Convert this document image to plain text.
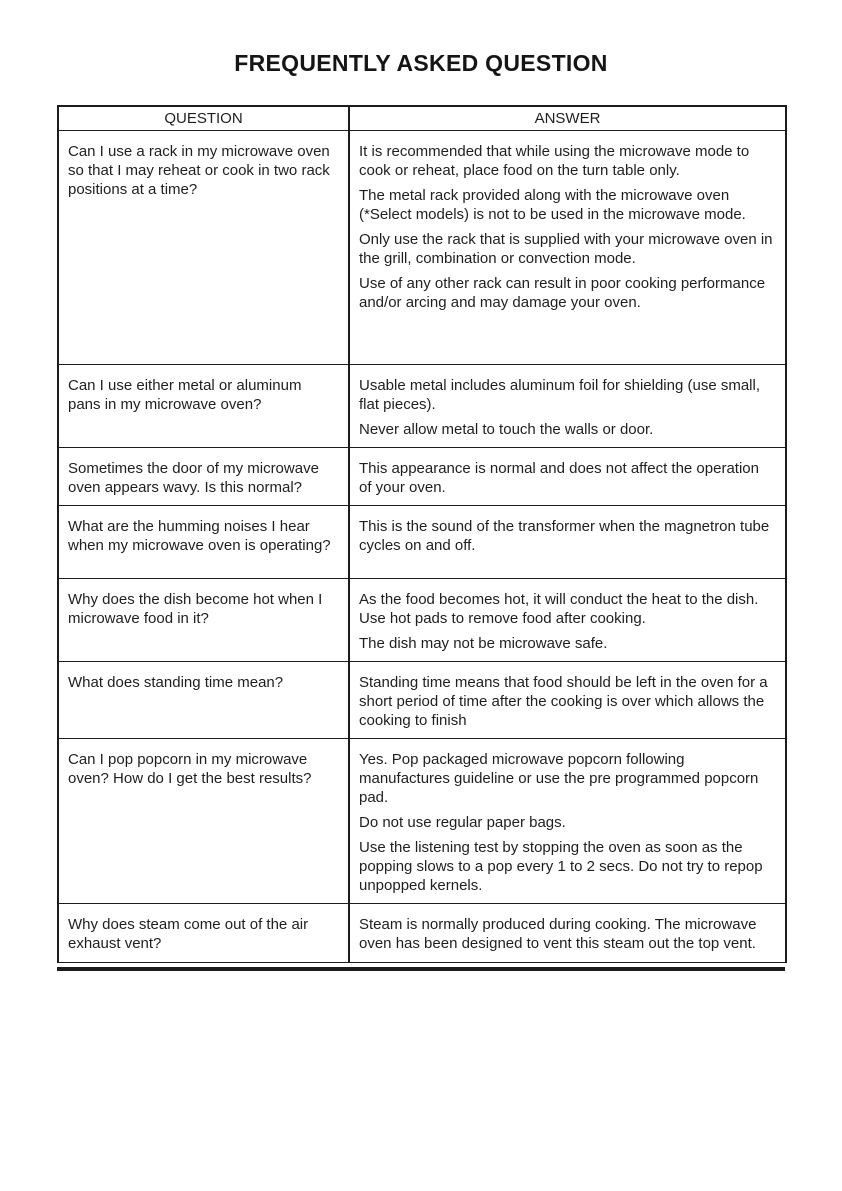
FREQUENTLY ASKED QUESTION
QUESTION	ANSWER

Can I use a rack in my microwave oven so that I may reheat or cook in two rack positions at a time?	It is recommended that while using the microwave mode to cook or reheat, place food on the turn table only.

The metal rack provided along with the microwave oven (*Select models) is not to be used in the microwave mode.

Only use the rack that is supplied with your microwave oven in the grill, combination or convection mode.

Use of any other rack can result in poor cooking performance and/or arcing and may damage your oven.

Can I use either metal or aluminum pans in my microwave oven?	Usable metal includes aluminum foil for shielding (use small, flat pieces).

Never allow metal to touch the walls or door.

Sometimes the door of my microwave oven appears wavy. Is this normal?	This appearance is normal and does not affect the operation of your oven.

What are the humming noises I hear when my microwave oven is operating?	This is the sound of the transformer when the magnetron tube cycles on and off.

Why does the dish become hot when I microwave food in it?	As the food becomes hot, it will conduct the heat to the dish. Use hot pads to remove food after cooking.

The dish may not be microwave safe.

What does standing time mean?	Standing time means that food should be left in the oven for a short period of time after the cooking is over which allows the cooking to finish

Can I pop popcorn in my microwave oven? How do I get the best results?	Yes. Pop packaged microwave popcorn following manufactures guideline or use the pre programmed popcorn pad.

Do not use regular paper bags.

Use the listening test by stopping the oven as soon as the popping slows to a pop every 1 to 2 secs. Do not try to repop unpopped kernels.

Why does steam come out of the air exhaust vent?	Steam is normally produced during cooking. The microwave oven has been designed to vent this steam out the top vent.
